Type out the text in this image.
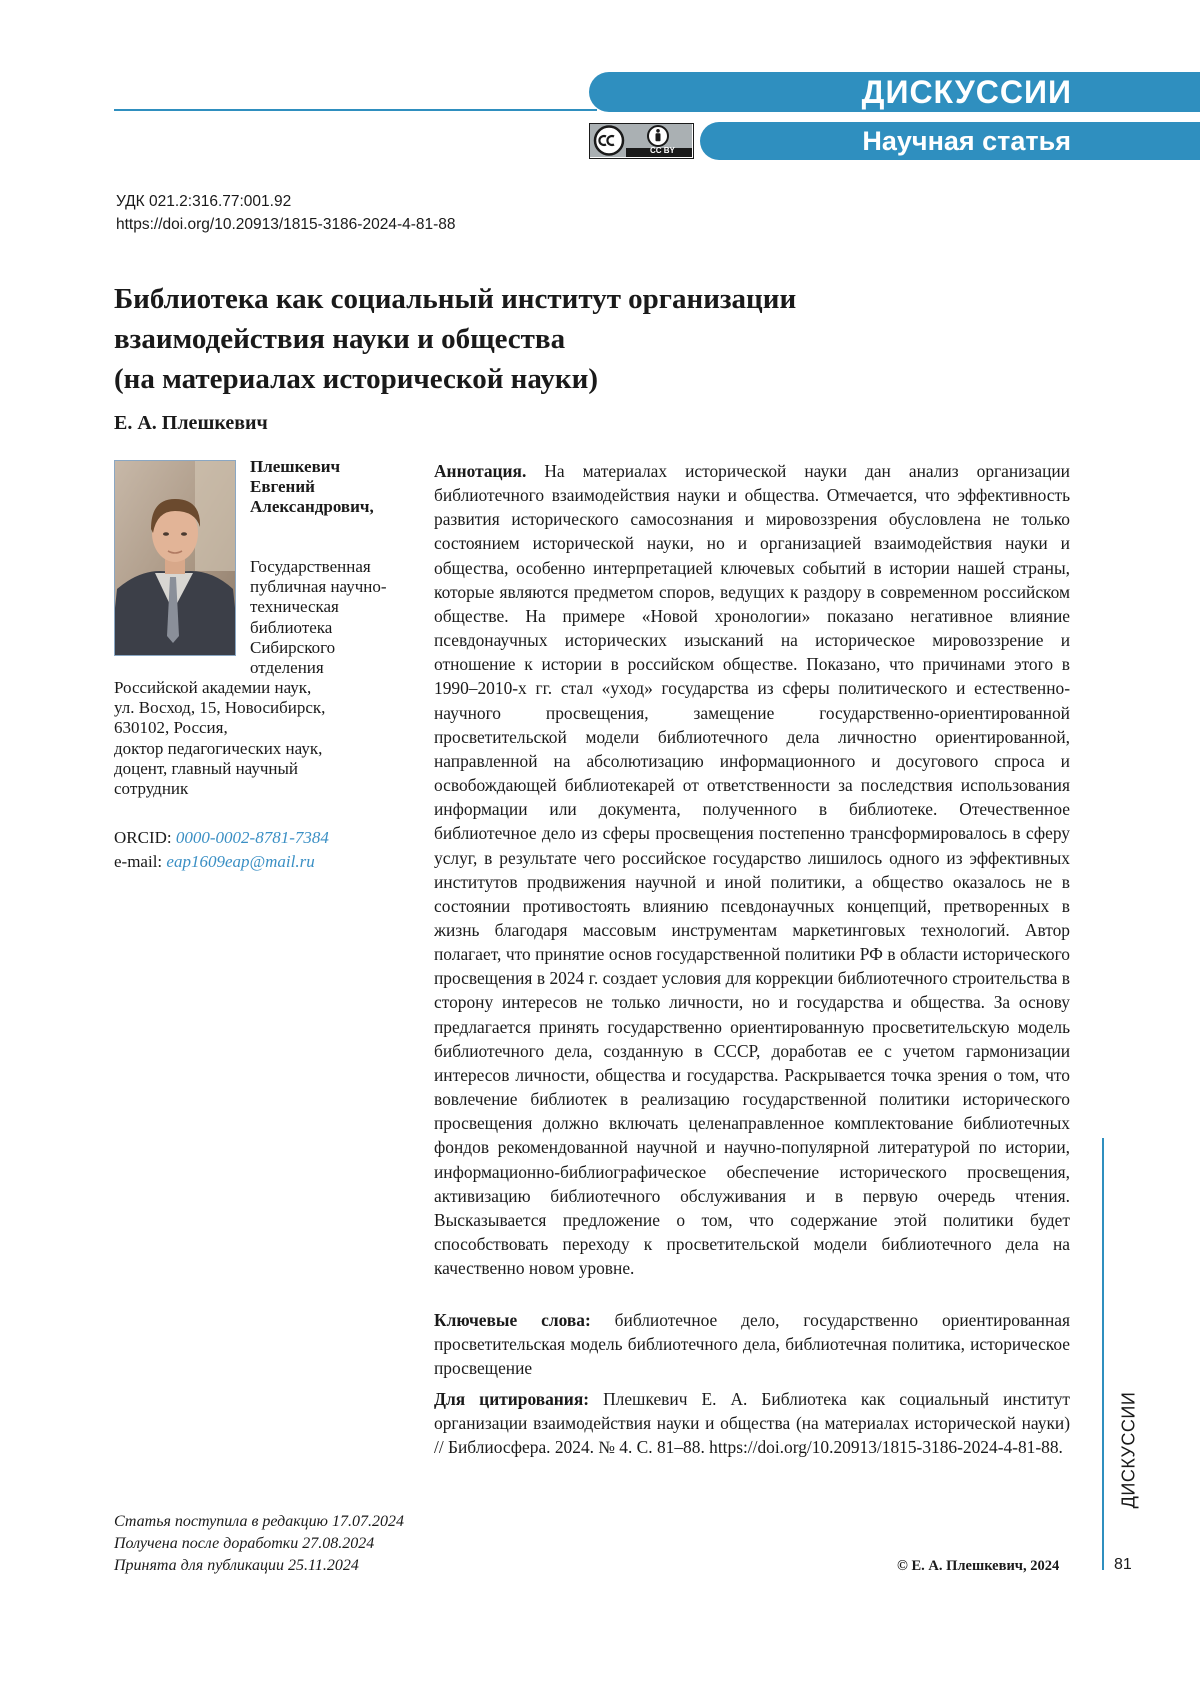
ДИСКУССИИ
Научная статья
CC BY
УДК 021.2:316.77:001.92
https://doi.org/10.20913/1815-3186-2024-4-81-88
Библиотека как социальный институт организации
взаимодействия науки и общества
(на материалах исторической науки)
Е. А. Плешкевич
Плешкевич
Евгений
Александрович,
Государственная
публичная научно-
техническая
библиотека
Сибирского
отделения
Российской академии наук,
ул. Восход, 15, Новосибирск,
630102, Россия,
доктор педагогических наук,
доцент, главный научный
сотрудник
ORCID: 0000-0002-8781-7384
e-mail: eap1609eap@mail.ru
Аннотация. На материалах исторической науки дан анализ организации библиотечного взаимодействия науки и общества. Отмечается, что эффективность развития исторического самосознания и мировоззрения обусловлена не только состоянием исторической науки, но и организацией взаимодействия науки и общества, особенно интерпретацией ключевых событий в истории нашей страны, которые являются предметом споров, ведущих к раздору в современном российском обществе. На примере «Новой хронологии» показано негативное влияние псевдонаучных исторических изысканий на историческое мировоззрение и отношение к истории в российском обществе. Показано, что причинами этого в 1990–2010-х гг. стал «уход» государства из сферы политического и естественно-научного просвещения, замещение государственно-ориентированной просветительской модели библиотечного дела личностно ориентированной, направленной на абсолютизацию информационного и досугового спроса и освобождающей библиотекарей от ответственности за последствия использования информации или документа, полученного в библиотеке. Отечественное библиотечное дело из сферы просвещения постепенно трансформировалось в сферу услуг, в результате чего российское государство лишилось одного из эффективных институтов продвижения научной и иной политики, а общество оказалось не в состоянии противостоять влиянию псевдонаучных концепций, претворенных в жизнь благодаря массовым инструментам маркетинговых технологий. Автор полагает, что принятие основ государственной политики РФ в области исторического просвещения в 2024 г. создает условия для коррекции библиотечного строительства в сторону интересов не только личности, но и государства и общества. За основу предлагается принять государственно ориентированную просветительскую модель библиотечного дела, созданную в СССР, доработав ее с учетом гармонизации интересов личности, общества и государства. Раскрывается точка зрения о том, что вовлечение библиотек в реализацию государственной политики исторического просвещения должно включать целенаправленное комплектование библиотечных фондов рекомендованной научной и научно-популярной литературой по истории, информационно-библиографическое обеспечение исторического просвещения, активизацию библиотечного обслуживания и в первую очередь чтения. Высказывается предложение о том, что содержание этой политики будет способствовать переходу к просветительской модели библиотечного дела на качественно новом уровне.
Ключевые слова: библиотечное дело, государственно ориентированная просветительская модель библиотечного дела, библиотечная политика, историческое просвещение
Для цитирования: Плешкевич Е. А. Библиотека как социальный институт организации взаимодействия науки и общества (на материалах исторической науки) // Библиосфера. 2024. № 4. С. 81–88. https://doi.org/10.20913/1815-3186-2024-4-81-88.
Статья поступила в редакцию 17.07.2024
Получена после доработки 27.08.2024
Принята для публикации 25.11.2024	© Е. А. Плешкевич, 2024
ДИСКУССИИ
81
